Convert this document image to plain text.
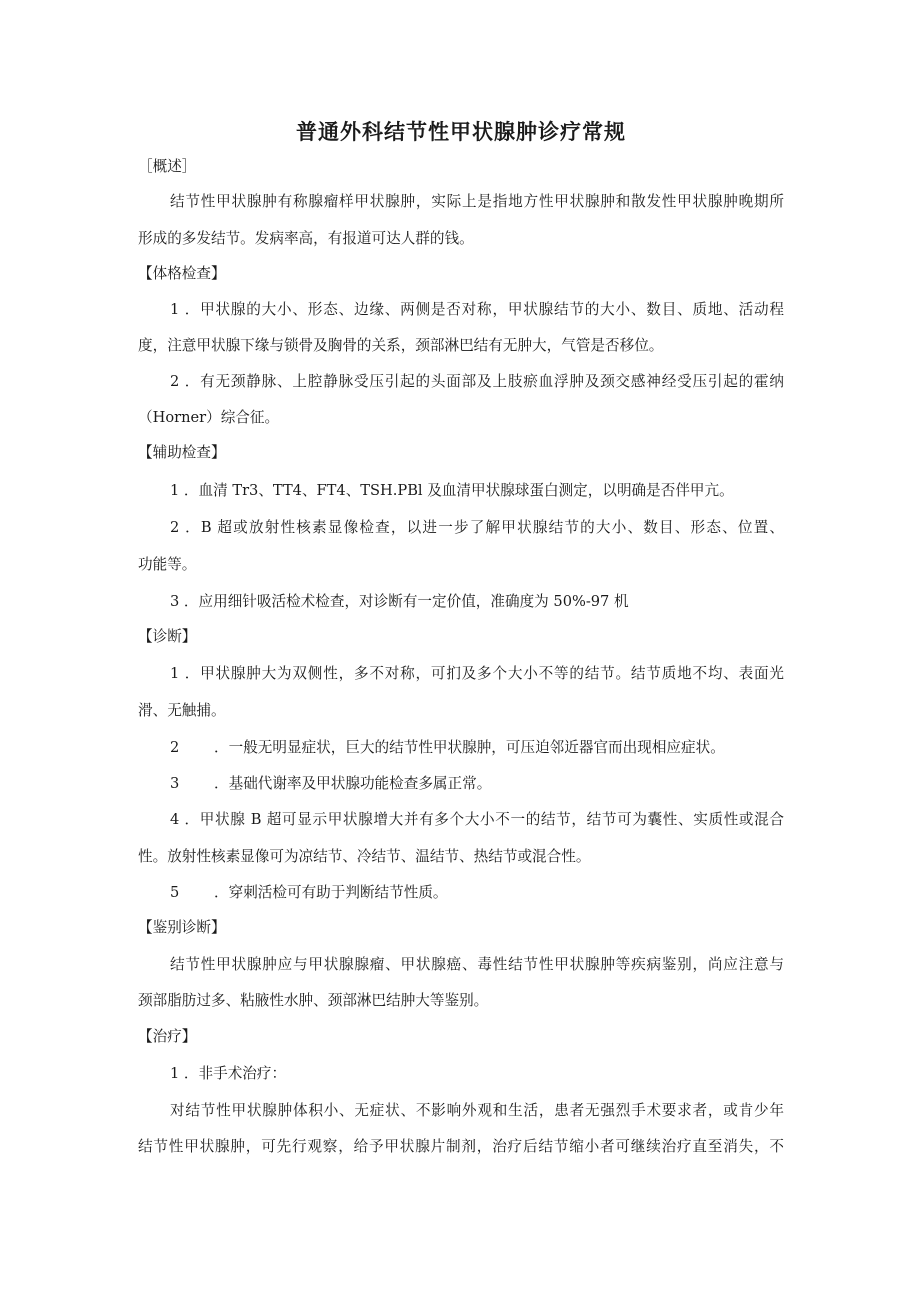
普通外科结节性甲状腺肿诊疗常规
［概述］
结节性甲状腺肿有称腺瘤样甲状腺肿，实际上是指地方性甲状腺肿和散发性甲状腺肿晚期所
形成的多发结节。发病率高，有报道可达人群的钱。
【体格检查】
1 ．甲状腺的大小、形态、边缘、两侧是否对称，甲状腺结节的大小、数目、质地、活动程
度，注意甲状腺下缘与锁骨及胸骨的关系，颈部淋巴结有无肿大，气管是否移位。
2 ．有无颈静脉、上腔静脉受压引起的头面部及上肢瘀血浮肿及颈交感神经受压引起的霍纳
（Horner）综合征。
【辅助检查】
1 ．血清 Tr3、TT4、FT4、TSH.PBl 及血清甲状腺球蛋白测定，以明确是否伴甲亢。
2 ．B 超或放射性核素显像检查，以进一步了解甲状腺结节的大小、数目、形态、位置、
功能等。
3 ．应用细针吸活检术检查，对诊断有一定价值，准确度为 50%-97 机
【诊断】
1 ．甲状腺肿大为双侧性，多不对称，可扪及多个大小不等的结节。结节质地不均、表面光
滑、无触捕。
2 ．一般无明显症状，巨大的结节性甲状腺肿，可压迫邻近器官而出现相应症状。
3 ．基础代谢率及甲状腺功能检查多属正常。
4 ．甲状腺 B 超可显示甲状腺增大并有多个大小不一的结节，结节可为囊性、实质性或混合
性。放射性核素显像可为凉结节、冷结节、温结节、热结节或混合性。
5 ．穿刺活检可有助于判断结节性质。
【鉴别诊断】
结节性甲状腺肿应与甲状腺腺瘤、甲状腺癌、毒性结节性甲状腺肿等疾病鉴别，尚应注意与
颈部脂肪过多、粘腋性水肿、颈部淋巴结肿大等鉴别。
【治疗】
1 ．非手术治疗：
对结节性甲状腺肿体积小、无症状、不影响外观和生活，患者无强烈手术要求者，或肯少年
结节性甲状腺肿，可先行观察，给予甲状腺片制剂，治疗后结节缩小者可继续治疗直至消失，不
